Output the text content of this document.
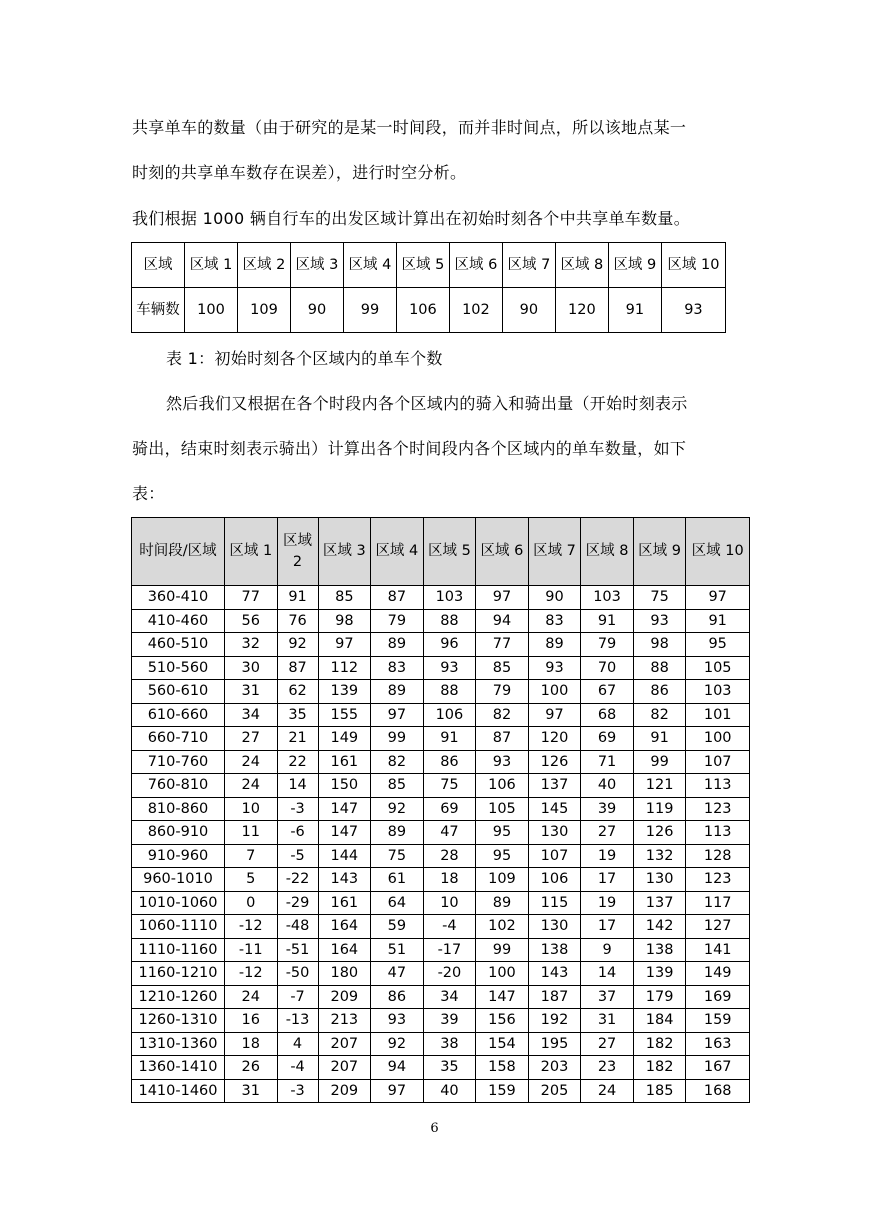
共享单车的数量（由于研究的是某一时间段，而并非时间点，所以该地点某一
时刻的共享单车数存在误差），进行时空分析。
我们根据 1000 辆自行车的出发区域计算出在初始时刻各个中共享单车数量。
区域	区域 1	区域 2	区域 3	区域 4	区域 5	区域 6	区域 7	区域 8	区域 9	区域 10
车辆数	100	109	90	99	106	102	90	120	91	93
表 1：初始时刻各个区域内的单车个数
然后我们又根据在各个时段内各个区域内的骑入和骑出量（开始时刻表示
骑出，结束时刻表示骑出）计算出各个时间段内各个区域内的单车数量，如下
表：
时间段/区域	区域 1	区域 2	区域 3	区域 4	区域 5	区域 6	区域 7	区域 8	区域 9	区域 10
360-410	77	91	85	87	103	97	90	103	75	97
410-460	56	76	98	79	88	94	83	91	93	91
460-510	32	92	97	89	96	77	89	79	98	95
510-560	30	87	112	83	93	85	93	70	88	105
560-610	31	62	139	89	88	79	100	67	86	103
610-660	34	35	155	97	106	82	97	68	82	101
660-710	27	21	149	99	91	87	120	69	91	100
710-760	24	22	161	82	86	93	126	71	99	107
760-810	24	14	150	85	75	106	137	40	121	113
810-860	10	-3	147	92	69	105	145	39	119	123
860-910	11	-6	147	89	47	95	130	27	126	113
910-960	7	-5	144	75	28	95	107	19	132	128
960-1010	5	-22	143	61	18	109	106	17	130	123
1010-1060	0	-29	161	64	10	89	115	19	137	117
1060-1110	-12	-48	164	59	-4	102	130	17	142	127
1110-1160	-11	-51	164	51	-17	99	138	9	138	141
1160-1210	-12	-50	180	47	-20	100	143	14	139	149
1210-1260	24	-7	209	86	34	147	187	37	179	169
1260-1310	16	-13	213	93	39	156	192	31	184	159
1310-1360	18	4	207	92	38	154	195	27	182	163
1360-1410	26	-4	207	94	35	158	203	23	182	167
1410-1460	31	-3	209	97	40	159	205	24	185	168
6
